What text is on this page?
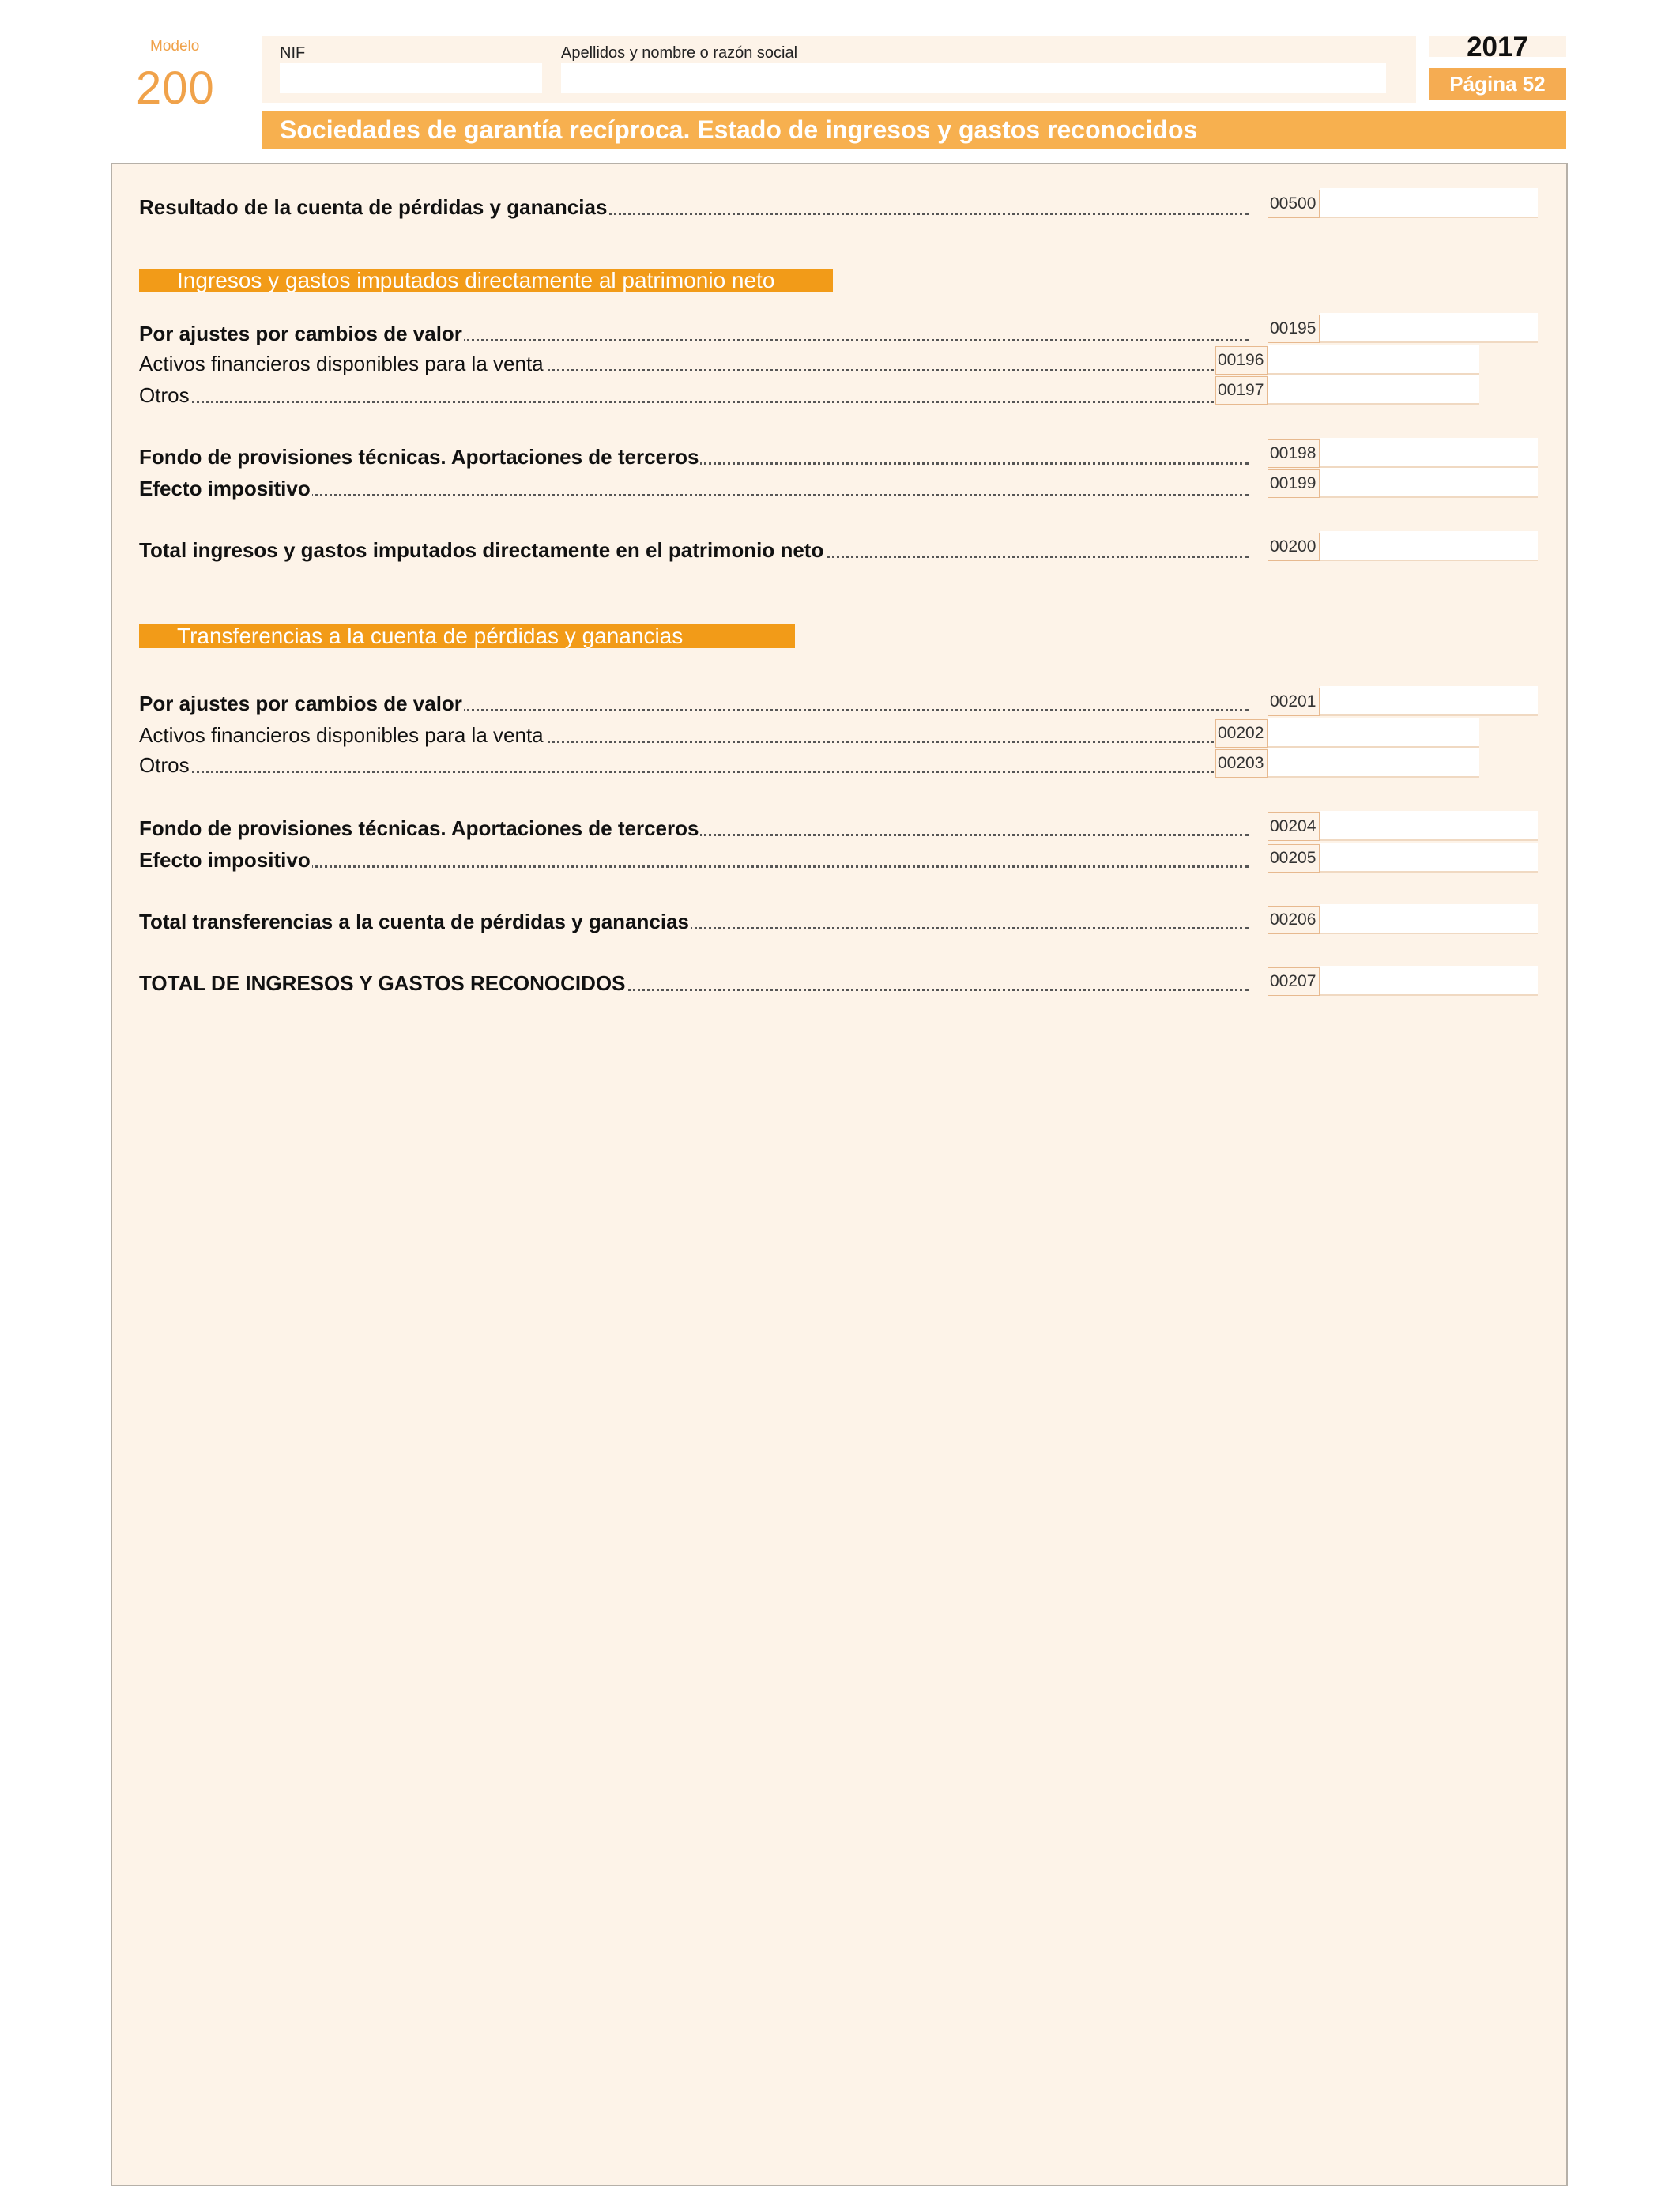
Modelo
200
NIF	Apellidos y nombre o razón social	2017
Página 52
Sociedades de garantía recíproca. Estado de ingresos y gastos reconocidos
Resultado de la cuenta de pérdidas y ganancias	00500
Ingresos y gastos imputados directamente al patrimonio neto
Por ajustes por cambios de valor	00195
Activos financieros disponibles para la venta	00196
Otros	00197
Fondo de provisiones técnicas. Aportaciones de terceros	00198
Efecto impositivo	00199
Total ingresos y gastos imputados directamente en el patrimonio neto	00200
Transferencias a la cuenta de pérdidas y ganancias
Por ajustes por cambios de valor	00201
Activos financieros disponibles para la venta	00202
Otros	00203
Fondo de provisiones técnicas. Aportaciones de terceros	00204
Efecto impositivo	00205
Total transferencias a la cuenta de pérdidas y ganancias	00206
TOTAL DE INGRESOS Y GASTOS RECONOCIDOS	00207
